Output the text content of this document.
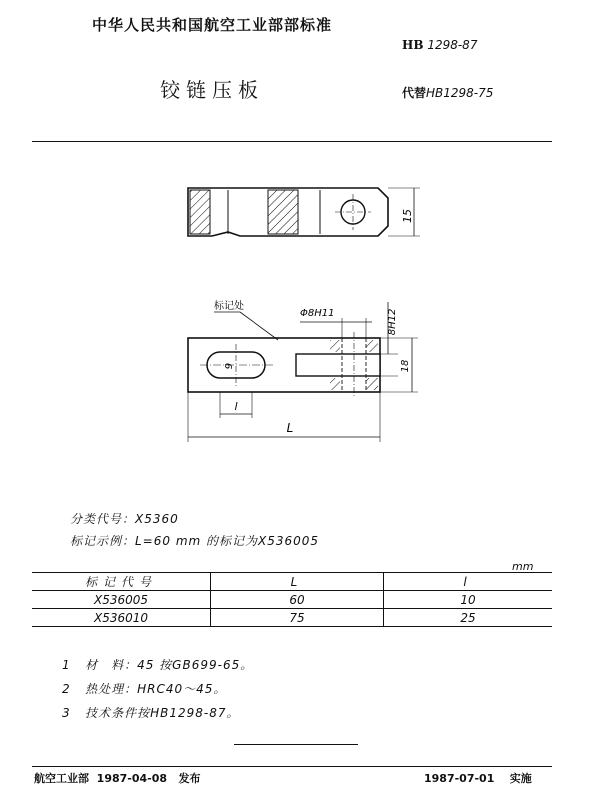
中华人民共和国航空工业部部标准
HB 1298-87
铰链压板	代替HB1298-75
15
9
标记处
Φ8H11	8H12
18
l
L
分类代号：X5360
标记示例：L=60 mm 的标记为X536005
mm
标记代号	L	l
X536005	60	10
X536010	75	25
1 材　料：45 按GB699-65。
2 热处理：HRC40～45。
3 技术条件按HB1298-87。
航空工业部 1987-04-08 发布	1987-07-01 实施
